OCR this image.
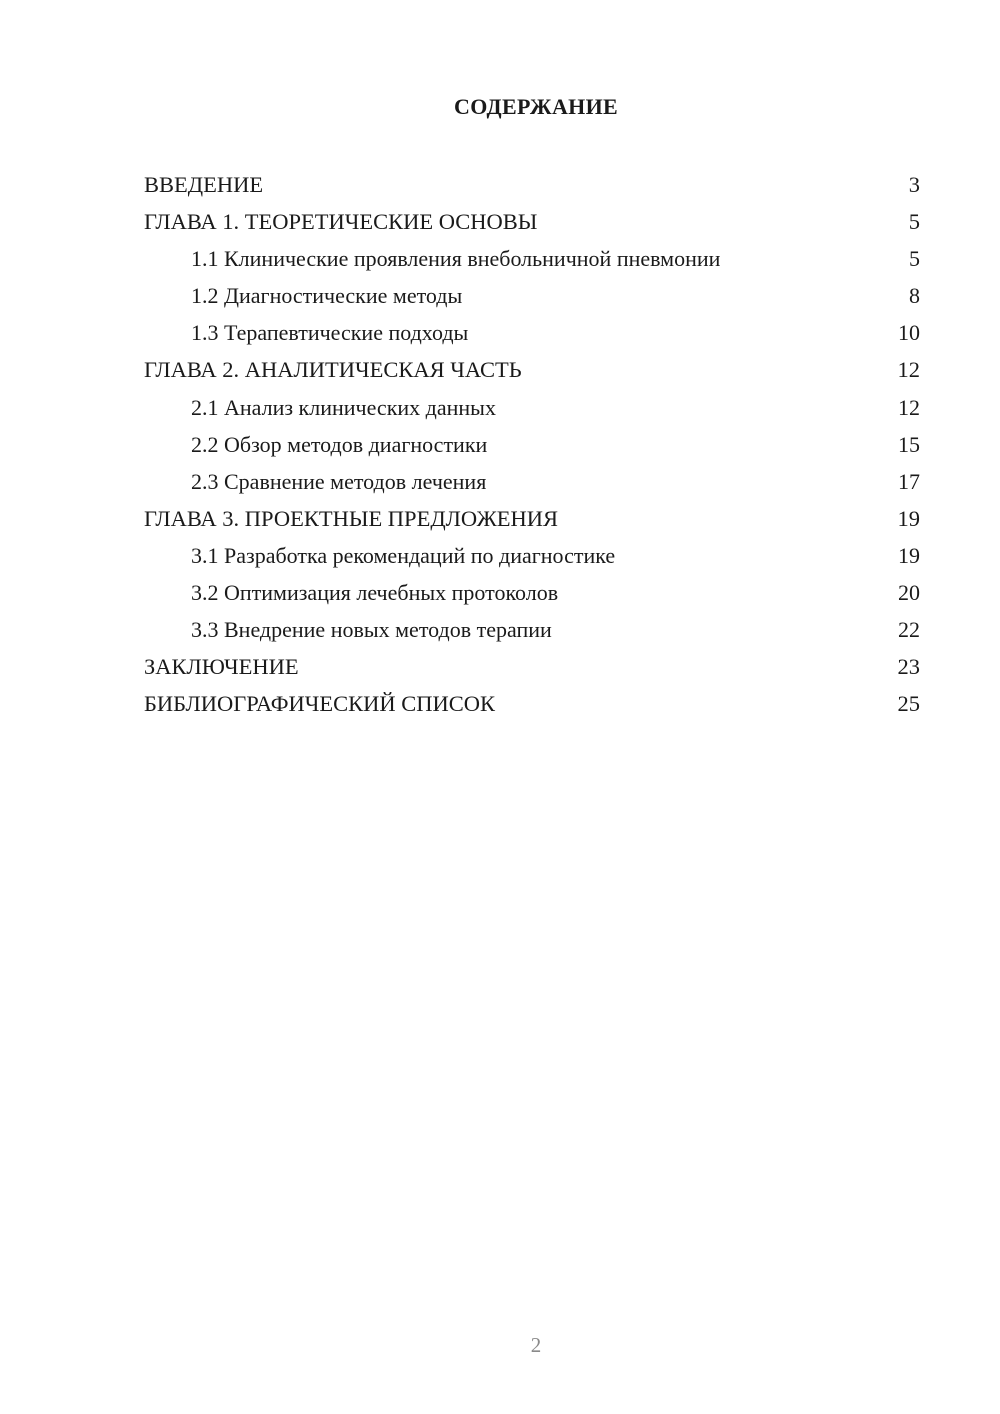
СОДЕРЖАНИЕ
ВВЕДЕНИЕ	3
ГЛАВА 1. ТЕОРЕТИЧЕСКИЕ ОСНОВЫ	5
1.1 Клинические проявления внебольничной пневмонии	5
1.2 Диагностические методы	8
1.3 Терапевтические подходы	10
ГЛАВА 2. АНАЛИТИЧЕСКАЯ ЧАСТЬ	12
2.1 Анализ клинических данных	12
2.2 Обзор методов диагностики	15
2.3 Сравнение методов лечения	17
ГЛАВА 3. ПРОЕКТНЫЕ ПРЕДЛОЖЕНИЯ	19
3.1 Разработка рекомендаций по диагностике	19
3.2 Оптимизация лечебных протоколов	20
3.3 Внедрение новых методов терапии	22
ЗАКЛЮЧЕНИЕ	23
БИБЛИОГРАФИЧЕСКИЙ СПИСОК	25
2
